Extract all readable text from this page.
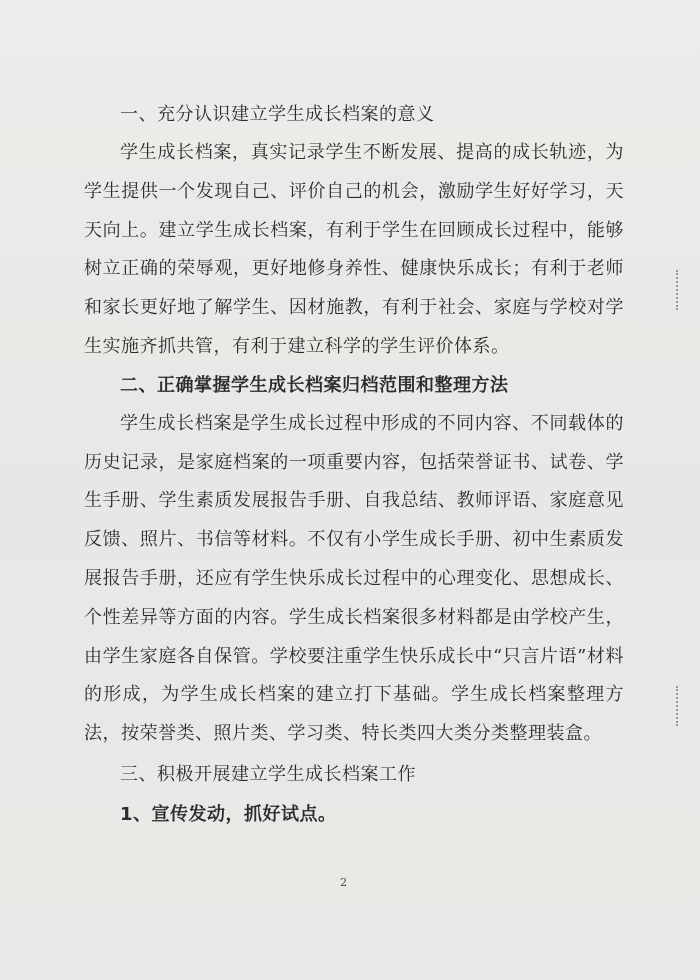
一、充分认识建立学生成长档案的意义

学生成长档案，真实记录学生不断发展、提高的成长轨迹，为学生提供一个发现自己、评价自己的机会，激励学生好好学习，天天向上。建立学生成长档案，有利于学生在回顾成长过程中，能够树立正确的荣辱观，更好地修身养性、健康快乐成长；有利于老师和家长更好地了解学生、因材施教，有利于社会、家庭与学校对学生实施齐抓共管，有利于建立科学的学生评价体系。

二、正确掌握学生成长档案归档范围和整理方法

学生成长档案是学生成长过程中形成的不同内容、不同载体的历史记录，是家庭档案的一项重要内容，包括荣誉证书、试卷、学生手册、学生素质发展报告手册、自我总结、教师评语、家庭意见反馈、照片、书信等材料。不仅有小学生成长手册、初中生素质发展报告手册，还应有学生快乐成长过程中的心理变化、思想成长、个性差异等方面的内容。学生成长档案很多材料都是由学校产生，由学生家庭各自保管。学校要注重学生快乐成长中“只言片语”材料的形成，为学生成长档案的建立打下基础。学生成长档案整理方法，按荣誉类、照片类、学习类、特长类四大类分类整理装盒。

三、积极开展建立学生成长档案工作
1、宣传发动，抓好试点。
2
